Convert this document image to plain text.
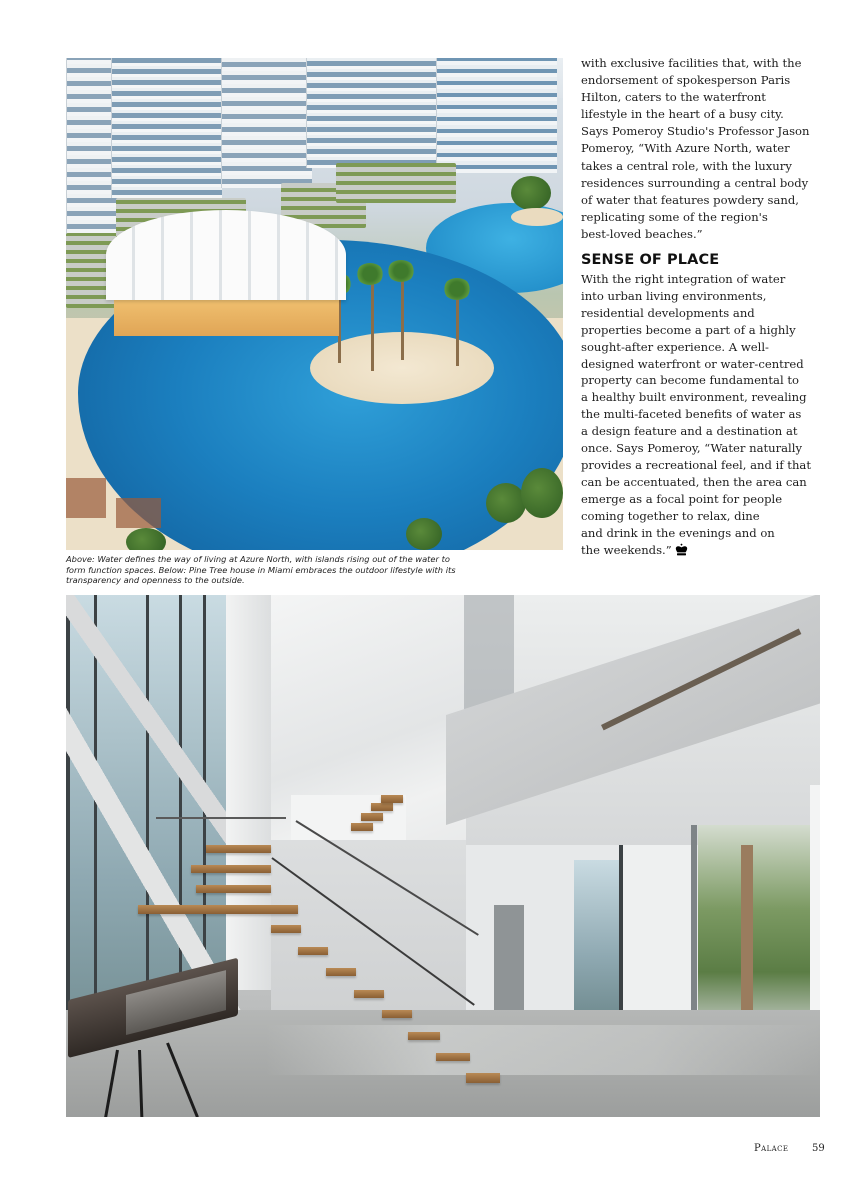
with exclusive facilities that, with the
endorsement of spokesperson Paris
Hilton, caters to the waterfront
lifestyle in the heart of a busy city.
Says Pomeroy Studio's Professor Jason
Pomeroy, “With Azure North, water
takes a central role, with the luxury
residences surrounding a central body
of water that features powdery sand,
replicating some of the region's
best-loved beaches.”
SENSE OF PLACE
With the right integration of water
into urban living environments,
residential developments and
properties become a part of a highly
sought-after experience. A well-
designed waterfront or water-centred
property can become fundamental to
a healthy built environment, revealing
the multi-faceted benefits of water as
a design feature and a destination at
once. Says Pomeroy, “Water naturally
provides a recreational feel, and if that
can be accentuated, then the area can
emerge as a focal point for people
coming together to relax, dine
and drink in the evenings and on
the weekends.”
Above: Water defines the way of living at Azure North, with islands rising out of the water to
form function spaces. Below: Pine Tree house in Miami embraces the outdoor lifestyle with its
transparency and openness to the outside.
Palace 59
